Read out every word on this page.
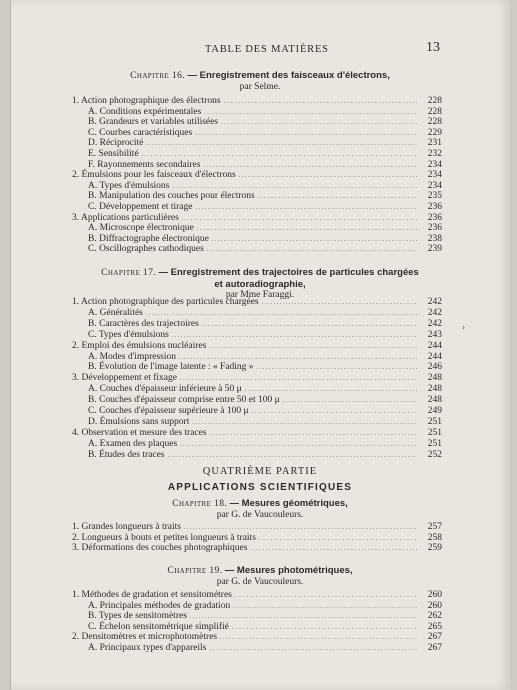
TABLE DES MATIÈRES	13
Chapitre 16. — Enregistrement des faisceaux d'électrons,
par Selme.
1. Action photographique des électrons . . .	228
A. Conditions expérimentales . . .	228
B. Grandeurs et variables utilisées . . .	228
C. Courbes caractéristiques . . .	229
D. Réciprocité . . .	231
E. Sensibilité . . .	232
F. Rayonnements secondaires . . .	234
2. Émulsions pour les faisceaux d'électrons . . .	234
A. Types d'émulsions . . .	234
B. Manipulation des couches pour électrons . . .	235
C. Développement et tirage . . .	236
3. Applications particulières . . .	236
A. Microscope électronique . . .	236
B. Diffractographe électronique . . .	238
C. Oscillographes cathodiques . . .	239
Chapitre 17. — Enregistrement des trajectoires de particules chargées
et autoradiographie,
par Mme Faraggi.
1. Action photographique des particules chargées . . .	242
A. Généralités . . .	242
B. Caractères des trajectoires . . .	242
C. Types d'émulsions . . .	243
2. Emploi des émulsions nucléaires . . .	244
A. Modes d'impression . . .	244
B. Évolution de l'image latente : « Fading » . . .	246
3. Développement et fixage . . .	248
A. Couches d'épaisseur inférieure à 50 μ . . .	248
B. Couches d'épaisseur comprise entre 50 et 100 μ . . .	248
C. Couches d'épaisseur supérieure à 100 μ . . .	249
D. Émulsions sans support . . .	251
4. Observation et mesure des traces . . .	251
A. Examen des plaques . . .	251
B. Études des traces . . .	252
›
QUATRIÈME PARTIE
APPLICATIONS SCIENTIFIQUES
Chapitre 18. — Mesures géométriques,
par G. de Vaucouleurs.
1. Grandes longueurs à traits . . .	257
2. Longueurs à bouts et petites longueurs à traits . . .	258
3. Déformations des couches photographiques . . .	259
Chapitre 19. — Mesures photométriques,
par G. de Vaucouleurs.
1. Méthodes de gradation et sensitométres . . .	260
A. Principales méthodes de gradation . . .	260
B. Types de sensitomètres . . .	262
C. Échelon sensitométrique simplifié . . .	265
2. Densitomètres et microphotomètres . . .	267
A. Principaux types d'appareils . . .	267
